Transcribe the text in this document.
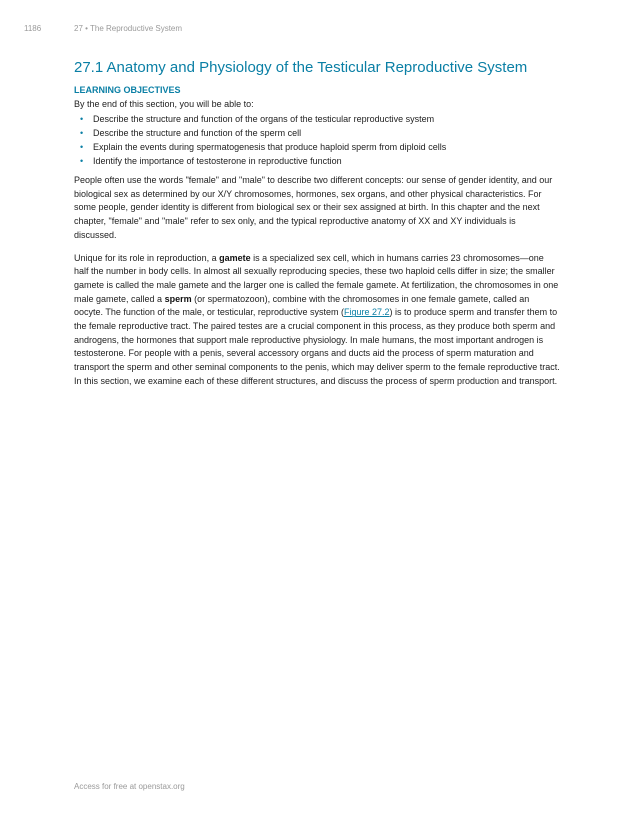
1186	27 • The Reproductive System
27.1 Anatomy and Physiology of the Testicular Reproductive System
LEARNING OBJECTIVES
By the end of this section, you will be able to:
• Describe the structure and function of the organs of the testicular reproductive system
• Describe the structure and function of the sperm cell
• Explain the events during spermatogenesis that produce haploid sperm from diploid cells
• Identify the importance of testosterone in reproductive function

People often use the words "female" and "male" to describe two different concepts: our sense of gender identity, and our biological sex as determined by our X/Y chromosomes, hormones, sex organs, and other physical characteristics. For some people, gender identity is different from biological sex or their sex assigned at birth. In this chapter and the next chapter, "female" and "male" refer to sex only, and the typical reproductive anatomy of XX and XY individuals is discussed.

Unique for its role in reproduction, a gamete is a specialized sex cell, which in humans carries 23 chromosomes—one half the number in body cells. In almost all sexually reproducing species, these two haploid cells differ in size; the smaller gamete is called the male gamete and the larger one is called the female gamete. At fertilization, the chromosomes in one male gamete, called a sperm (or spermatozoon), combine with the chromosomes in one female gamete, called an oocyte. The function of the male, or testicular, reproductive system (Figure 27.2) is to produce sperm and transfer them to the female reproductive tract. The paired testes are a crucial component in this process, as they produce both sperm and androgens, the hormones that support male reproductive physiology. In male humans, the most important androgen is testosterone. For people with a penis, several accessory organs and ducts aid the process of sperm maturation and transport the sperm and other seminal components to the penis, which may deliver sperm to the female reproductive tract. In this section, we examine each of these different structures, and discuss the process of sperm production and transport.

Access for free at openstax.org
